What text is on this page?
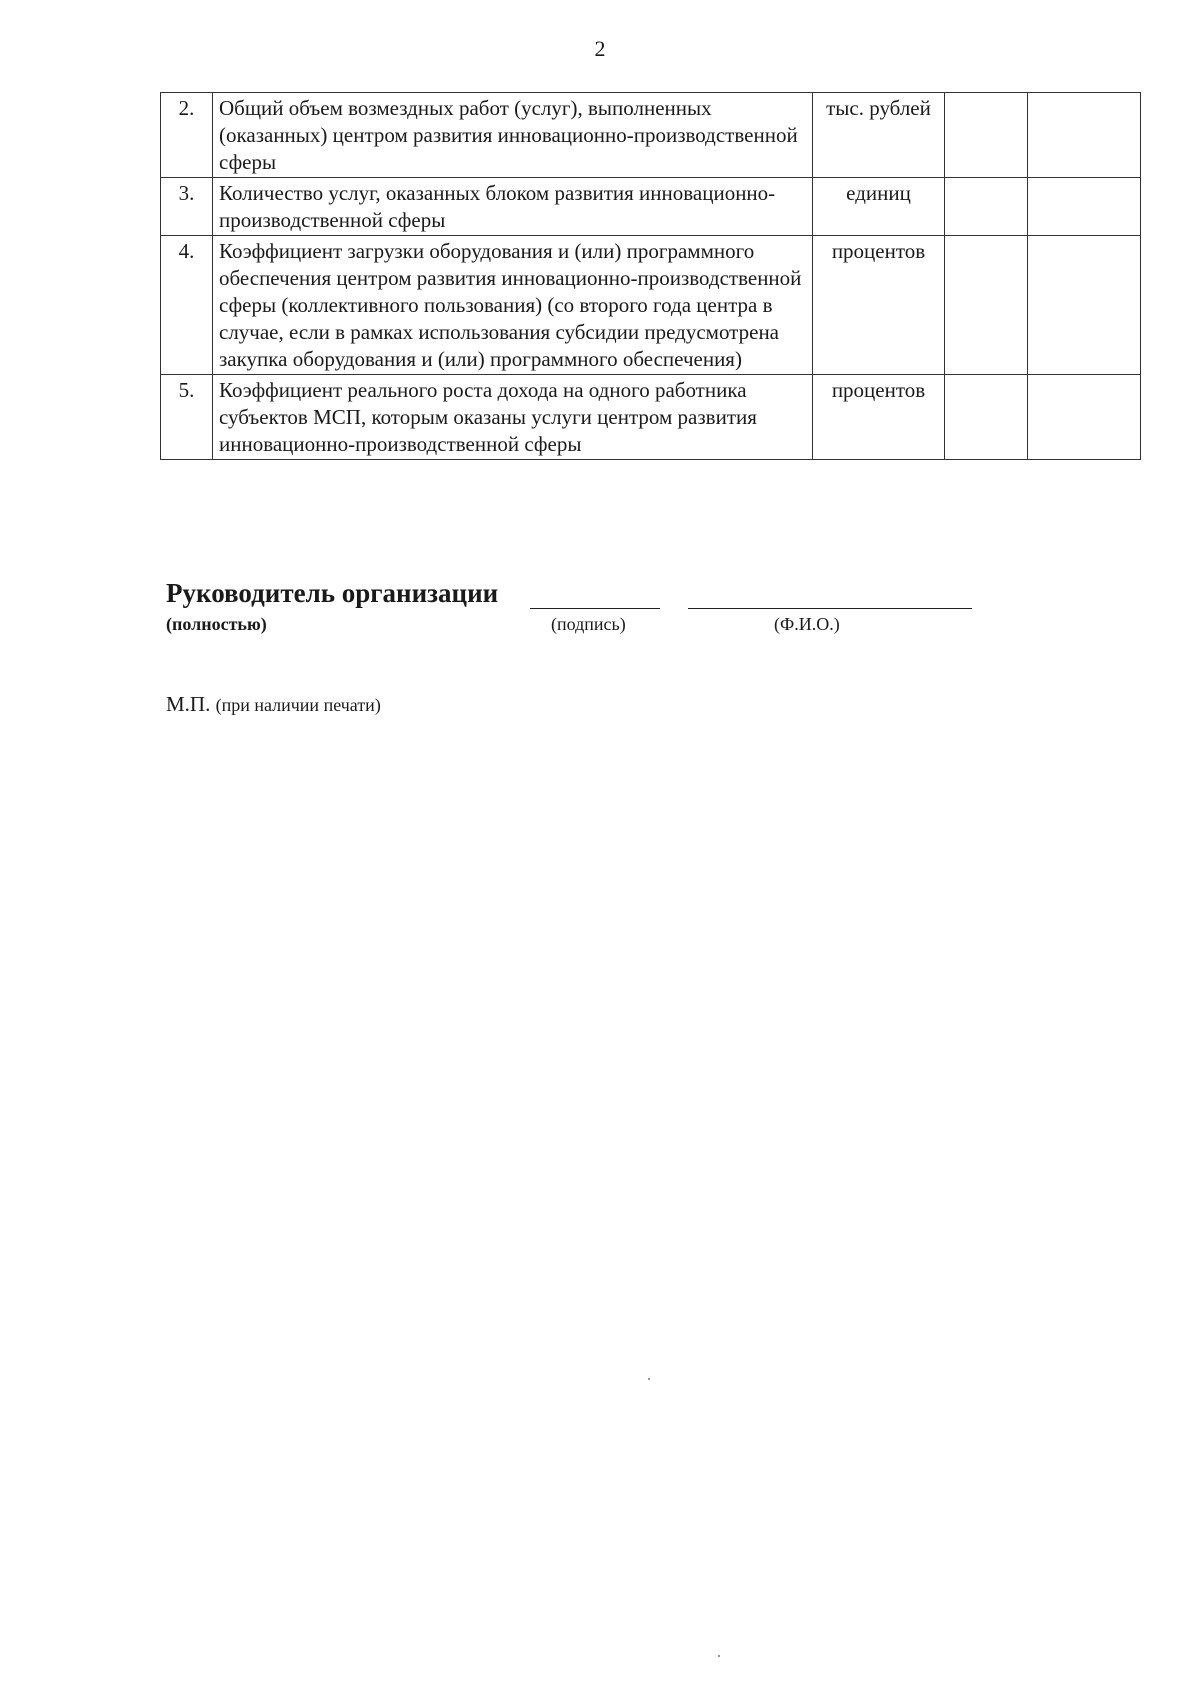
2
2.	Общий объем возмездных работ (услуг), выполненных (оказанных) центром развития инновационно-производственной сферы	тыс. рублей		
3.	Количество услуг, оказанных блоком развития инновационно-производственной сферы	единиц		
4.	Коэффициент загрузки оборудования и (или) программного обеспечения центром развития инновационно-производственной сферы (коллективного пользования) (со второго года центра в случае, если в рамках использования субсидии предусмотрена закупка оборудования и (или) программного обеспечения)	процентов		
5.	Коэффициент реального роста дохода на одного работника субъектов МСП, которым оказаны услуги центром развития инновационно-производственной сферы	процентов		
Руководитель организации
(полностью)	(подпись)	(Ф.И.О.)
М.П. (при наличии печати)
